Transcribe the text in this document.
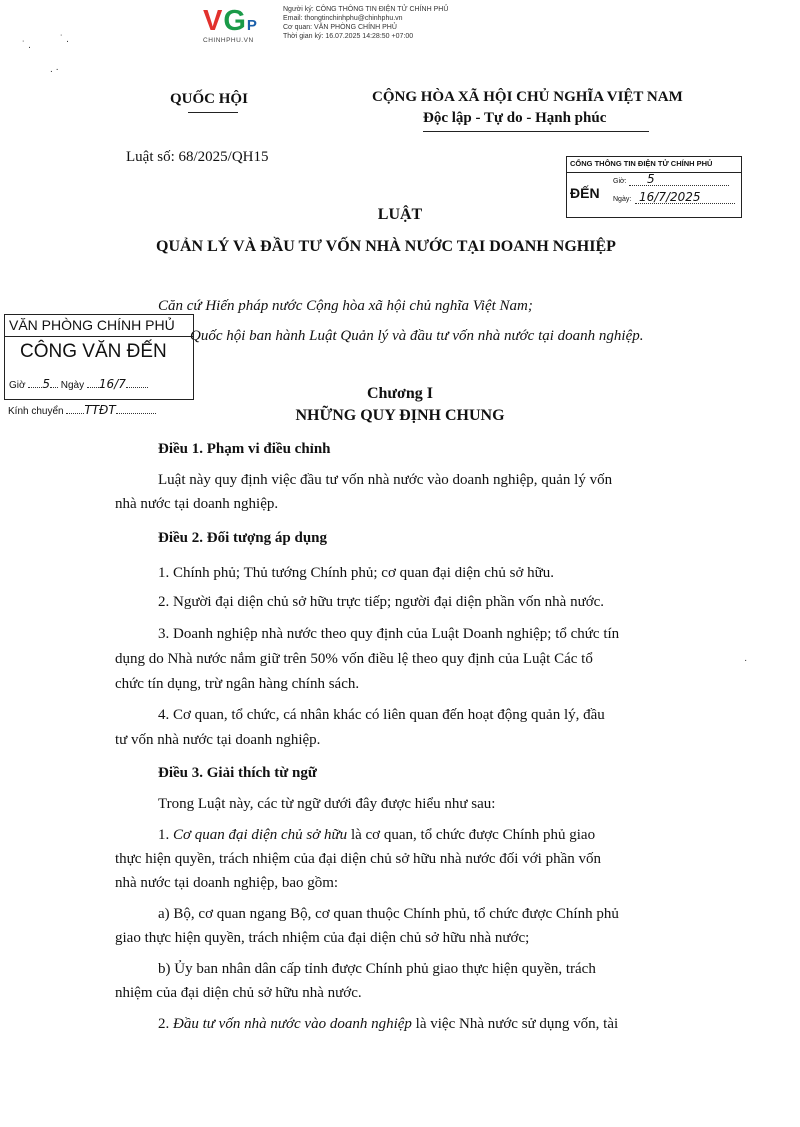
VGP
CHINHPHU.VN
Người ký: CÔNG THÔNG TIN ĐIỆN TỬ CHÍNH PHỦ
Email: thongtinchinhphu@chinhphu.vn
Cơ quan: VĂN PHÒNG CHÍNH PHỦ
Thời gian ký: 16.07.2025 14:28:50 +07:00
˙ .
˙ .
. ·
QUỐC HỘI	CỘNG HÒA XÃ HỘI CHỦ NGHĨA VIỆT NAM
Độc lập - Tự do - Hạnh phúc
Luật số: 68/2025/QH15	CỔNG THÔNG TIN ĐIỆN TỬ CHÍNH PHỦ
ĐẾN
Giờ: 5
Ngày: 16/7/2025
LUẬT
QUẢN LÝ VÀ ĐẦU TƯ VỐN NHÀ NƯỚC TẠI DOANH NGHIỆP
Căn cứ Hiến pháp nước Cộng hòa xã hội chủ nghĩa Việt Nam;
Quốc hội ban hành Luật Quản lý và đầu tư vốn nhà nước tại doanh nghiệp.
VĂN PHÒNG CHÍNH PHỦ
CÔNG VĂN ĐẾN
Giờ 5 Ngày 16/7
Kính chuyển TTĐT
Chương I
NHỮNG QUY ĐỊNH CHUNG
Điều 1. Phạm vi điều chỉnh
Luật này quy định việc đầu tư vốn nhà nước vào doanh nghiệp, quản lý vốn
nhà nước tại doanh nghiệp.
Điều 2. Đối tượng áp dụng
1. Chính phủ; Thủ tướng Chính phủ; cơ quan đại diện chủ sở hữu.
2. Người đại diện chủ sở hữu trực tiếp; người đại diện phần vốn nhà nước.
3. Doanh nghiệp nhà nước theo quy định của Luật Doanh nghiệp; tổ chức tín
dụng do Nhà nước nắm giữ trên 50% vốn điều lệ theo quy định của Luật Các tổ
chức tín dụng, trừ ngân hàng chính sách.
4. Cơ quan, tổ chức, cá nhân khác có liên quan đến hoạt động quản lý, đầu
tư vốn nhà nước tại doanh nghiệp.
Điều 3. Giải thích từ ngữ
Trong Luật này, các từ ngữ dưới đây được hiểu như sau:
1. Cơ quan đại diện chủ sở hữu là cơ quan, tổ chức được Chính phủ giao
thực hiện quyền, trách nhiệm của đại diện chủ sở hữu nhà nước đối với phần vốn
nhà nước tại doanh nghiệp, bao gồm:
a) Bộ, cơ quan ngang Bộ, cơ quan thuộc Chính phủ, tổ chức được Chính phủ
giao thực hiện quyền, trách nhiệm của đại diện chủ sở hữu nhà nước;
b) Ủy ban nhân dân cấp tỉnh được Chính phủ giao thực hiện quyền, trách
nhiệm của đại diện chủ sở hữu nhà nước.
2. Đầu tư vốn nhà nước vào doanh nghiệp là việc Nhà nước sử dụng vốn, tài
·
